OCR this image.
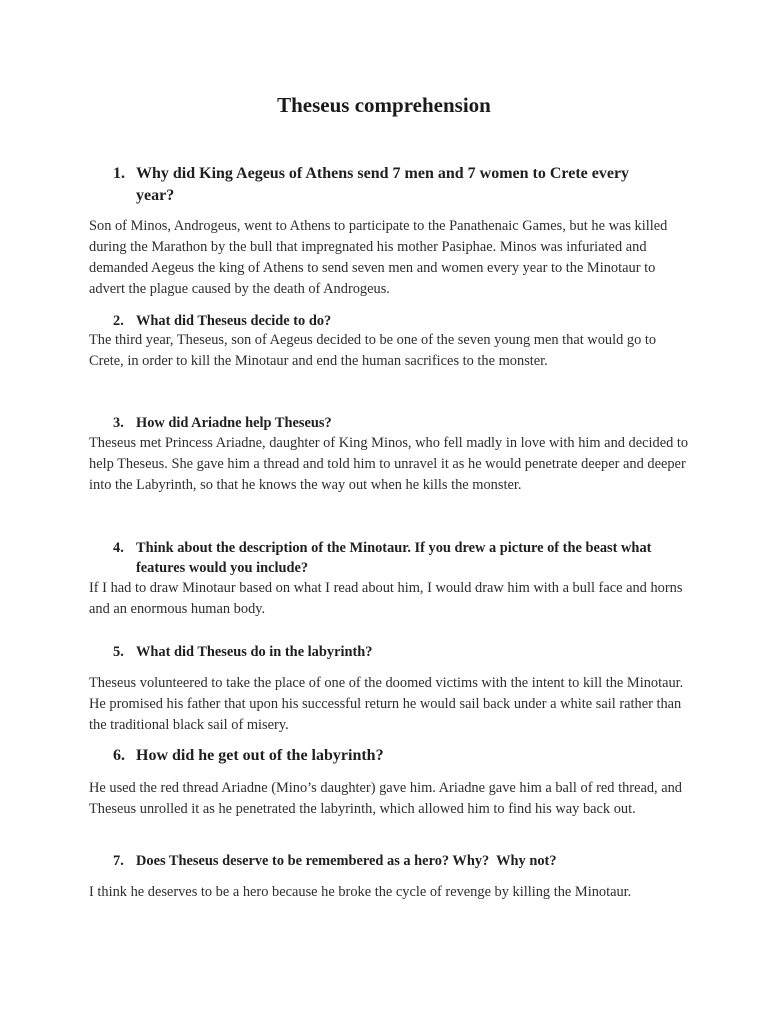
Theseus comprehension
1. Why did King Aegeus of Athens send 7 men and 7 women to Crete every year?

Son of Minos, Androgeus, went to Athens to participate to the Panathenaic Games, but he was killed during the Marathon by the bull that impregnated his mother Pasiphae. Minos was infuriated and demanded Aegeus the king of Athens to send seven men and women every year to the Minotaur to advert the plague caused by the death of Androgeus.

2. What did Theseus decide to do?

The third year, Theseus, son of Aegeus decided to be one of the seven young men that would go to Crete, in order to kill the Minotaur and end the human sacrifices to the monster.

3. How did Ariadne help Theseus?

Theseus met Princess Ariadne, daughter of King Minos, who fell madly in love with him and decided to help Theseus. She gave him a thread and told him to unravel it as he would penetrate deeper and deeper into the Labyrinth, so that he knows the way out when he kills the monster.

4. Think about the description of the Minotaur. If you drew a picture of the beast what features would you include?

If I had to draw Minotaur based on what I read about him, I would draw him with a bull face and horns and an enormous human body.

5. What did Theseus do in the labyrinth?

Theseus volunteered to take the place of one of the doomed victims with the intent to kill the Minotaur. He promised his father that upon his successful return he would sail back under a white sail rather than the traditional black sail of misery.

6. How did he get out of the labyrinth?

He used the red thread Ariadne (Mino’s daughter) gave him. Ariadne gave him a ball of red thread, and Theseus unrolled it as he penetrated the labyrinth, which allowed him to find his way back out.

7. Does Theseus deserve to be remembered as a hero? Why?  Why not?

I think he deserves to be a hero because he broke the cycle of revenge by killing the Minotaur.
